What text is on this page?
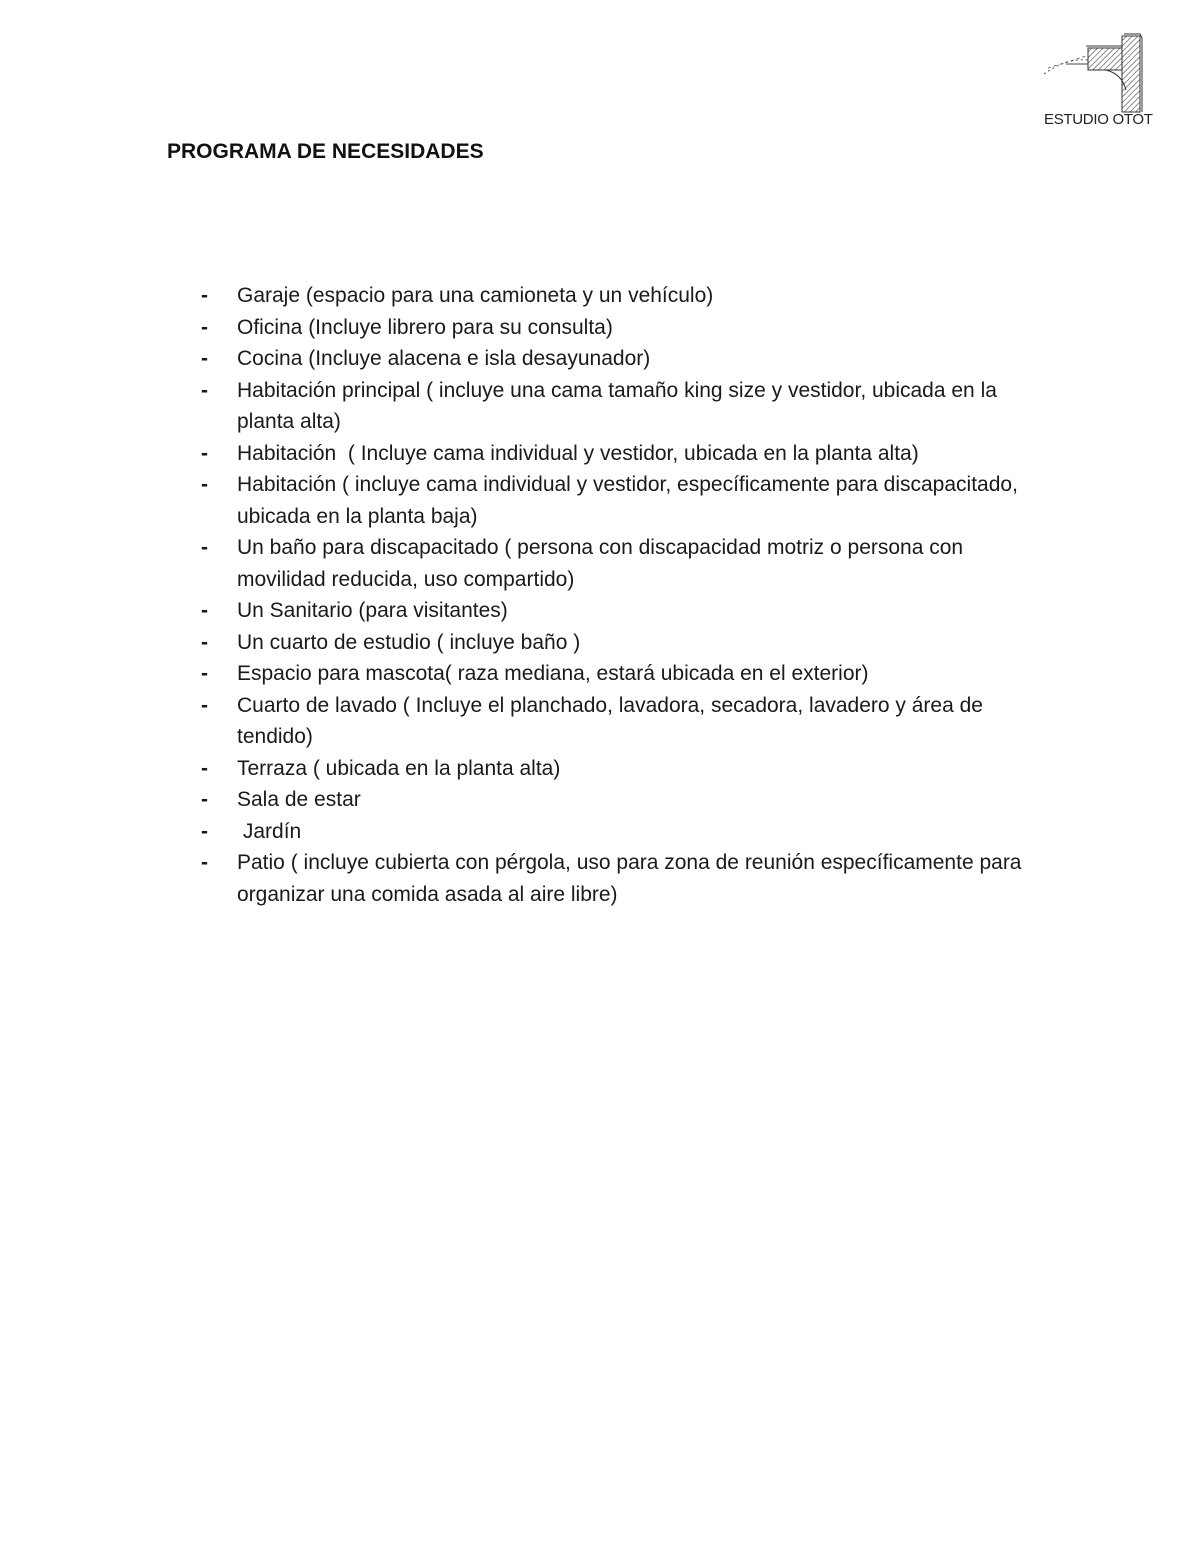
ESTUDIO OTOT
PROGRAMA DE NECESIDADES
- Garaje (espacio para una camioneta y un vehículo)
- Oficina (Incluye librero para su consulta)
- Cocina (Incluye alacena e isla desayunador)
- Habitación principal ( incluye una cama tamaño king size y vestidor, ubicada en la planta alta)
- Habitación  ( Incluye cama individual y vestidor, ubicada en la planta alta)
- Habitación ( incluye cama individual y vestidor, específicamente para discapacitado, ubicada en la planta baja)
- Un baño para discapacitado ( persona con discapacidad motriz o persona con movilidad reducida, uso compartido)
- Un Sanitario (para visitantes)
- Un cuarto de estudio ( incluye baño )
- Espacio para mascota( raza mediana, estará ubicada en el exterior)
- Cuarto de lavado ( Incluye el planchado, lavadora, secadora, lavadero y área de tendido)
- Terraza ( ubicada en la planta alta)
- Sala de estar
- Jardín
- Patio ( incluye cubierta con pérgola, uso para zona de reunión específicamente para organizar una comida asada al aire libre)
